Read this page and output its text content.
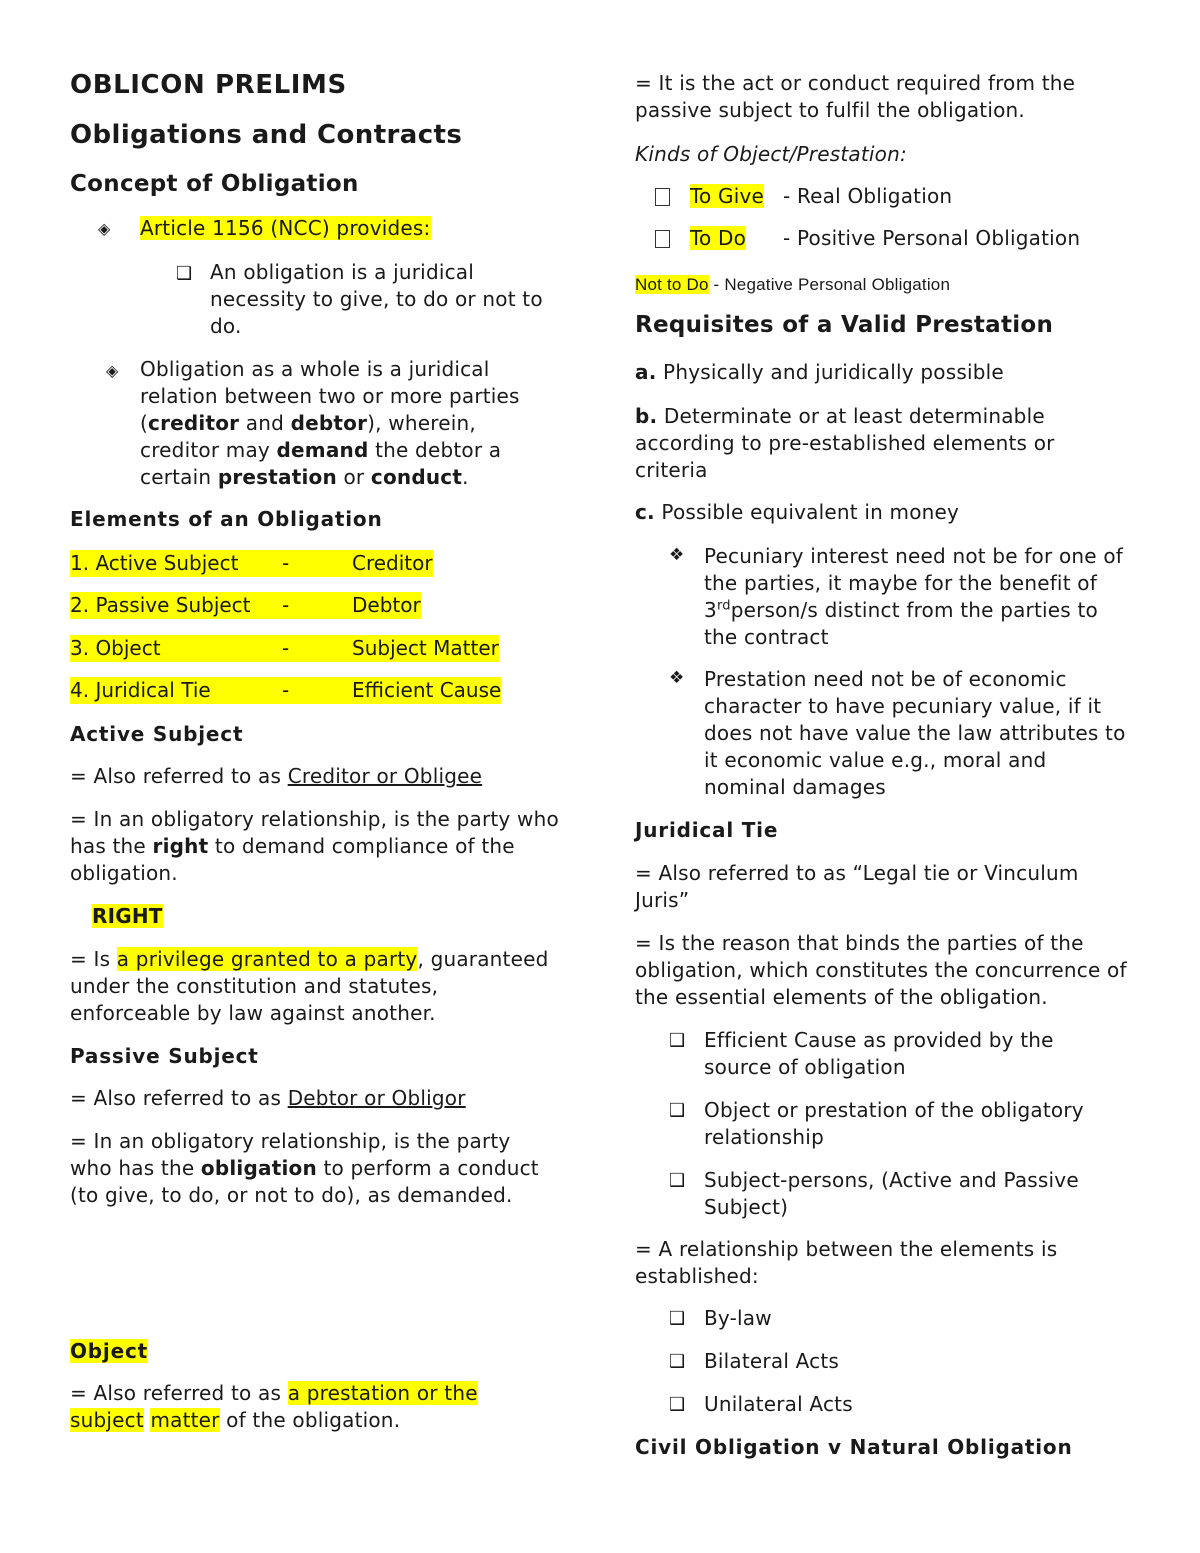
OBLICON PRELIMS
Obligations and Contracts
Concept of Obligation
◈ Article 1156 (NCC) provides:
❑ An obligation is a juridical necessity to give, to do or not to do.
◈ Obligation as a whole is a juridical relation between two or more parties (creditor and debtor), wherein, creditor may demand the debtor a certain prestation or conduct.
Elements of an Obligation
1. Active Subject	-	Creditor
2. Passive Subject	-	Debtor
3. Object	-	Subject Matter
4. Juridical Tie	-	Efficient Cause
Active Subject
= Also referred to as Creditor or Obligee
= In an obligatory relationship, is the party who has the right to demand compliance of the obligation.
RIGHT
= Is a privilege granted to a party, guaranteed under the constitution and statutes, enforceable by law against another.
Passive Subject
= Also referred to as Debtor or Obligor
= In an obligatory relationship, is the party who has the obligation to perform a conduct (to give, to do, or not to do), as demanded.
Object
= Also referred to as a prestation or the
subject matter of the obligation.
= It is the act or conduct required from the passive subject to fulfil the obligation.
Kinds of Object/Prestation:
To Give - Real Obligation
To Do - Positive Personal Obligation
Not to Do - Negative Personal Obligation
Requisites of a Valid Prestation
a. Physically and juridically possible
b. Determinate or at least determinable according to pre-established elements or criteria
c. Possible equivalent in money
❖ Pecuniary interest need not be for one of the parties, it maybe for the benefit of 3rdperson/s distinct from the parties to the contract
❖ Prestation need not be of economic character to have pecuniary value, if it does not have value the law attributes to it economic value e.g., moral and nominal damages
Juridical Tie
= Also referred to as “Legal tie or Vinculum Juris”
= Is the reason that binds the parties of the obligation, which constitutes the concurrence of the essential elements of the obligation.
❑ Efficient Cause as provided by the source of obligation
❑ Object or prestation of the obligatory relationship
❑ Subject-persons, (Active and Passive Subject)
= A relationship between the elements is established:
❑ By-law
❑ Bilateral Acts
❑ Unilateral Acts
Civil Obligation v Natural Obligation
